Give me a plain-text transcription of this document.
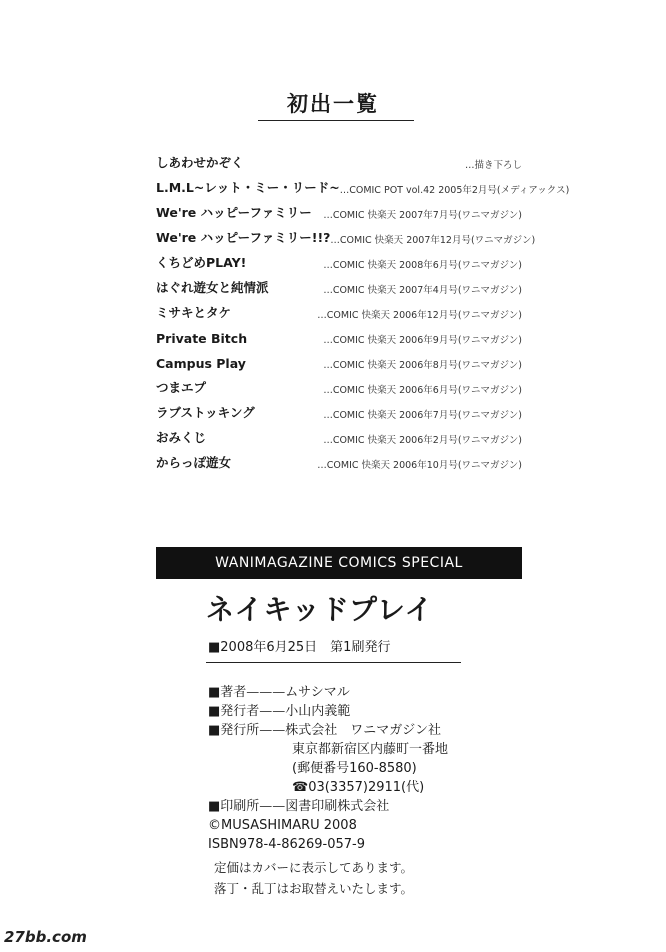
初出一覧
しあわせかぞく	…描き下ろし
L.M.L~レット・ミー・リード~ …COMIC POT vol.42 2005年2月号(メディアックス)
We're ハッピーファミリー …COMIC 快楽天 2007年7月号(ワニマガジン)
We're ハッピーファミリー!!? …COMIC 快楽天 2007年12月号(ワニマガジン)
くちどめPLAY!	…COMIC 快楽天 2008年6月号(ワニマガジン)
はぐれ遊女と純情派	…COMIC 快楽天 2007年4月号(ワニマガジン)
ミサキとタケ	…COMIC 快楽天 2006年12月号(ワニマガジン)
Private Bitch	…COMIC 快楽天 2006年9月号(ワニマガジン)
Campus Play	…COMIC 快楽天 2006年8月号(ワニマガジン)
つまエプ	…COMIC 快楽天 2006年6月号(ワニマガジン)
ラブストッキング	…COMIC 快楽天 2006年7月号(ワニマガジン)
おみくじ	…COMIC 快楽天 2006年2月号(ワニマガジン)
からっぽ遊女	…COMIC 快楽天 2006年10月号(ワニマガジン)
WANIMAGAZINE COMICS SPECIAL
ネイキッドプレイ
■2008年6月25日　第1刷発行
■著者———ムサシマル
■発行者——小山内義範
■発行所——株式会社　ワニマガジン社
東京都新宿区内藤町一番地
(郵便番号160-8580)
☎03(3357)2911(代)
■印刷所——図書印刷株式会社
©MUSASHIMARU 2008
ISBN978-4-86269-057-9
定価はカバーに表示してあります。
落丁・乱丁はお取替えいたします。
27bb.com
